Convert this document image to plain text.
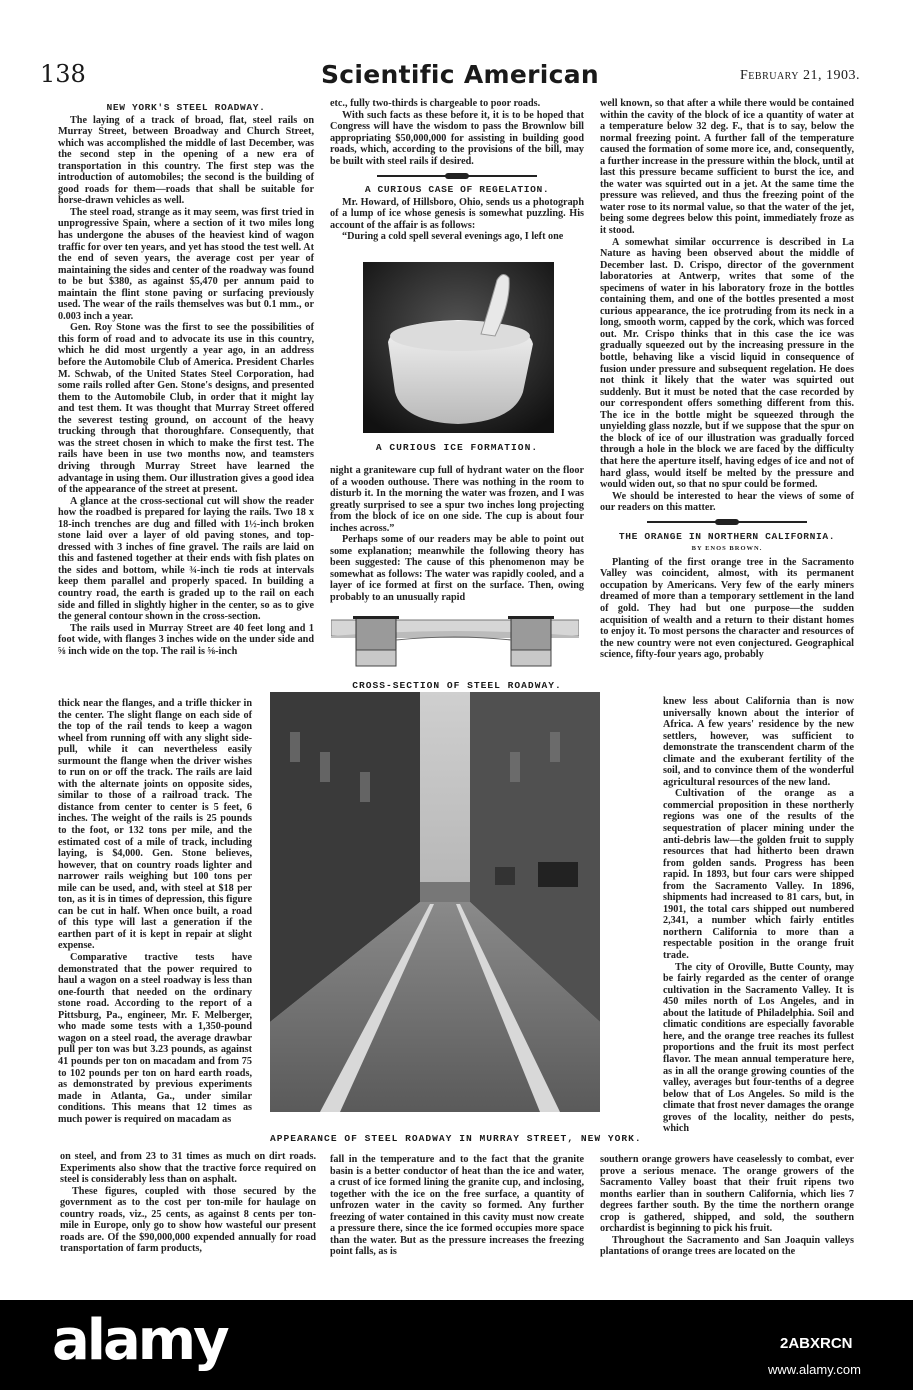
138	Scientific American	February 21, 1903.
NEW YORK'S STEEL ROADWAY.

The laying of a track of broad, flat, steel rails on Murray Street, between Broadway and Church Street, which was accomplished the middle of last December, was the second step in the opening of a new era of transportation in this country. The first step was the introduction of automobiles; the second is the building of good roads for them—roads that shall be suitable for horse-drawn vehicles as well.

The steel road, strange as it may seem, was first tried in unprogressive Spain, where a section of it two miles long has undergone the abuses of the heaviest kind of wagon traffic for over ten years, and yet has stood the test well. At the end of seven years, the average cost per year of maintaining the sides and center of the roadway was found to be but $380, as against $5,470 per annum paid to maintain the flint stone paving or surfacing previously used. The wear of the rails themselves was but 0.1 mm., or 0.003 inch a year.

Gen. Roy Stone was the first to see the possibilities of this form of road and to advocate its use in this country, which he did most urgently a year ago, in an address before the Automobile Club of America. President Charles M. Schwab, of the United States Steel Corporation, had some rails rolled after Gen. Stone's designs, and presented them to the Automobile Club, in order that it might lay and test them. It was thought that Murray Street offered the severest testing ground, on account of the heavy trucking through that thoroughfare. Consequently, that was the street chosen in which to make the first test. The rails have been in use two months now, and teamsters driving through Murray Street have learned the advantage in using them. Our illustration gives a good idea of the appearance of the street at present.

A glance at the cross-sectional cut will show the reader how the roadbed is prepared for laying the rails. Two 18 x 18-inch trenches are dug and filled with 1½-inch broken stone laid over a layer of old paving stones, and top-dressed with 3 inches of fine gravel. The rails are laid on this and fastened together at their ends with fish plates on the sides and bottom, while ¾-inch tie rods at intervals keep them parallel and properly spaced. In building a country road, the earth is graded up to the rail on each side and filled in slightly higher in the center, so as to give the general contour shown in the cross-section.

The rails used in Murray Street are 40 feet long and 1 foot wide, with flanges 3 inches wide on the under side and ⅝ inch wide on the top. The rail is ⅝-inch

thick near the flanges, and a trifle thicker in the center. The slight flange on each side of the top of the rail tends to keep a wagon wheel from running off with any slight side-pull, while it can nevertheless easily surmount the flange when the driver wishes to run on or off the track. The rails are laid with the alternate joints on opposite sides, similar to those of a railroad track. The distance from center to center is 5 feet, 6 inches. The weight of the rails is 25 pounds to the foot, or 132 tons per mile, and the estimated cost of a mile of track, including laying, is $4,000. Gen. Stone believes, however, that on country roads lighter and narrower rails weighing but 100 tons per mile can be used, and, with steel at $18 per ton, as it is in times of depression, this figure can be cut in half. When once built, a road of this type will last a generation if the earthen part of it is kept in repair at slight expense.

Comparative tractive tests have demonstrated that the power required to haul a wagon on a steel roadway is less than one-fourth that needed on the ordinary stone road. According to the report of a Pittsburg, Pa., engineer, Mr. F. Melberger, who made some tests with a 1,350-pound wagon on a steel road, the average drawbar pull per ton was but 3.23 pounds, as against 41 pounds per ton on macadam and from 75 to 102 pounds per ton on hard earth roads, as demonstrated by previous experiments made in Atlanta, Ga., under similar conditions. This means that 12 times as much power is required on macadam as

on steel, and from 23 to 31 times as much on dirt roads. Experiments also show that the tractive force required on steel is considerably less than on asphalt.

These figures, coupled with those secured by the government as to the cost per ton-mile for haulage on country roads, viz., 25 cents, as against 8 cents per ton-mile in Europe, only go to show how wasteful our present roads are. Of the $90,000,000 expended annually for road transportation of farm products,

etc., fully two-thirds is chargeable to poor roads.

With such facts as these before it, it is to be hoped that Congress will have the wisdom to pass the Brownlow bill appropriating $50,000,000 for assisting in building good roads, which, according to the provisions of the bill, may be built with steel rails if desired.

A CURIOUS CASE OF REGELATION.

Mr. Howard, of Hillsboro, Ohio, sends us a photograph of a lump of ice whose genesis is somewhat puzzling. His account of the affair is as follows:

“During a cold spell several evenings ago, I left one

A CURIOUS ICE FORMATION.

night a graniteware cup full of hydrant water on the floor of a wooden outhouse. There was nothing in the room to disturb it. In the morning the water was frozen, and I was greatly surprised to see a spur two inches long projecting from the block of ice on one side. The cup is about four inches across.”

Perhaps some of our readers may be able to point out some explanation; meanwhile the following theory has been suggested: The cause of this phenomenon may be somewhat as follows: The water was rapidly cooled, and a layer of ice formed at first on the surface. Then, owing probably to an unusually rapid

CROSS-SECTION OF STEEL ROADWAY.
APPEARANCE OF STEEL ROADWAY IN MURRAY STREET, NEW YORK.

fall in the temperature and to the fact that the granite basin is a better conductor of heat than the ice and water, a crust of ice formed lining the granite cup, and inclosing, together with the ice on the free surface, a quantity of unfrozen water in the cavity so formed. Any further freezing of water contained in this cavity must now create a pressure there, since the ice formed occupies more space than the water. But as the pressure increases the freezing point falls, as is

well known, so that after a while there would be contained within the cavity of the block of ice a quantity of water at a temperature below 32 deg. F., that is to say, below the normal freezing point. A further fall of the temperature caused the formation of some more ice, and, consequently, a further increase in the pressure within the block, until at last this pressure became sufficient to burst the ice, and the water was squirted out in a jet. At the same time the pressure was relieved, and thus the freezing point of the water rose to its normal value, so that the water of the jet, being some degrees below this point, immediately froze as it stood.

A somewhat similar occurrence is described in La Nature as having been observed about the middle of December last. D. Crispo, director of the government laboratories at Antwerp, writes that some of the specimens of water in his laboratory froze in the bottles containing them, and one of the bottles presented a most curious appearance, the ice protruding from its neck in a long, smooth worm, capped by the cork, which was forced out. Mr. Crispo thinks that in this case the ice was gradually squeezed out by the increasing pressure in the bottle, behaving like a viscid liquid in consequence of fusion under pressure and subsequent regelation. He does not think it likely that the water was squirted out suddenly. But it must be noted that the case recorded by our correspondent offers something different from this. The ice in the bottle might be squeezed through the unyielding glass nozzle, but if we suppose that the spur on the block of ice of our illustration was gradually forced through a hole in the block we are faced by the difficulty that here the aperture itself, having edges of ice and not of hard glass, would itself be melted by the pressure and would widen out, so that no spur could be formed.

We should be interested to hear the views of some of our readers on this matter.

THE ORANGE IN NORTHERN CALIFORNIA.
BY ENOS BROWN.

Planting of the first orange tree in the Sacramento Valley was coincident, almost, with its permanent occupation by Americans. Very few of the early miners dreamed of more than a temporary settlement in the land of gold. They had but one purpose—the sudden acquisition of wealth and a return to their distant homes to enjoy it. To most persons the character and resources of the new country were not even conjectured. Geographical science, fifty-four years ago, probably

knew less about California than is now universally known about the interior of Africa. A few years' residence by the new settlers, however, was sufficient to demonstrate the transcendent charm of the climate and the exuberant fertility of the soil, and to convince them of the wonderful agricultural resources of the new land.

Cultivation of the orange as a commercial proposition in these northerly regions was one of the results of the sequestration of placer mining under the anti-debris law—the golden fruit to supply resources that had hitherto been drawn from golden sands. Progress has been rapid. In 1893, but four cars were shipped from the Sacramento Valley. In 1896, shipments had increased to 81 cars, but, in 1901, the total cars shipped out numbered 2,341, a number which fairly entitles northern California to more than a respectable position in the orange fruit trade.

The city of Oroville, Butte County, may be fairly regarded as the center of orange cultivation in the Sacramento Valley. It is 450 miles north of Los Angeles, and in about the latitude of Philadelphia. Soil and climatic conditions are especially favorable here, and the orange tree reaches its fullest proportions and the fruit its most perfect flavor. The mean annual temperature here, as in all the orange growing counties of the valley, averages but four-tenths of a degree below that of Los Angeles. So mild is the climate that frost never damages the orange groves of the locality, neither do pests, which

southern orange growers have ceaselessly to combat, ever prove a serious menace. The orange growers of the Sacramento Valley boast that their fruit ripens two months earlier than in southern California, which lies 7 degrees farther south. By the time the northern orange crop is gathered, shipped, and sold, the southern orchardist is beginning to pick his fruit.

Throughout the Sacramento and San Joaquin valleys plantations of orange trees are located on the

alamy	2ABXRCN
www.alamy.com
